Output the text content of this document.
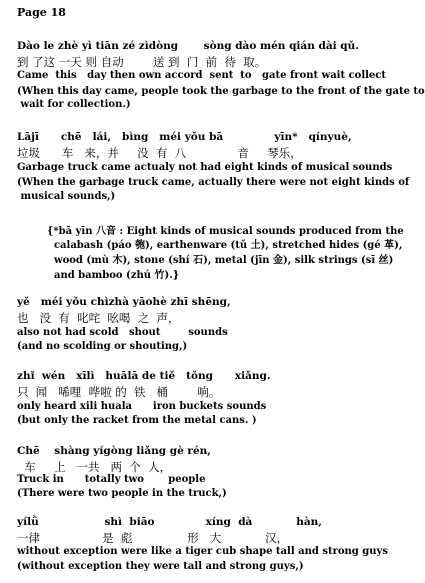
Page 18
Dào le zhè yì tiān zé zìdòng       sòng dào mén qián dài qǔ.
到 了这 一天 则 自动        送 到  门  前  待  取。
Came  this   day then own accord  sent  to   gate front wait collect
(When this day came, people took the garbage to the front of the gate to
wait for collection.)
Lājī      chē   lái,   bìng   méi yǒu bā              yīn*   qínyuè,
垃圾      车   来，并     没  有  八              音     琴乐，
Garbage truck came actualy not had eight kinds of musical sounds
(When the garbage truck came, actually there were not eight kinds of
musical sounds,)
{*bā yīn 八音 : Eight kinds of musical sounds produced from the
calabash (páo 匏), earthenware (tǔ 土), stretched hides (gé 革),
wood (mù 木), stone (shí 石), metal (jīn 金), silk strings (sī 丝)
and bamboo (zhú 竹).}
yě   méi yǒu chìzhà yāohè zhī shēng,
也   没  有  叱咤  吆喝  之  声，
also not had scold   shout        sounds
(and no scolding or shouting,)
zhǐ  wén   xīlì   huālā de tiě   tǒng      xiǎng.
只  闻   唏哩  哗啦 的  铁   桶        响。
only heard xili hualа      iron buckets sounds
(but only the racket from the metal cans. )
Chē    shàng yígòng liǎng gè rén,
车     上   一共   两  个  人，
Truck in      totally two       people
(There were two people in the truck,)
yílǜ                  shì  biāo              xíng  dà            hàn,
一律                 是  彪               形   大            汉，
without exception were like a tiger cub shape tall and strong guys
(without exception they were tall and strong guys,)
